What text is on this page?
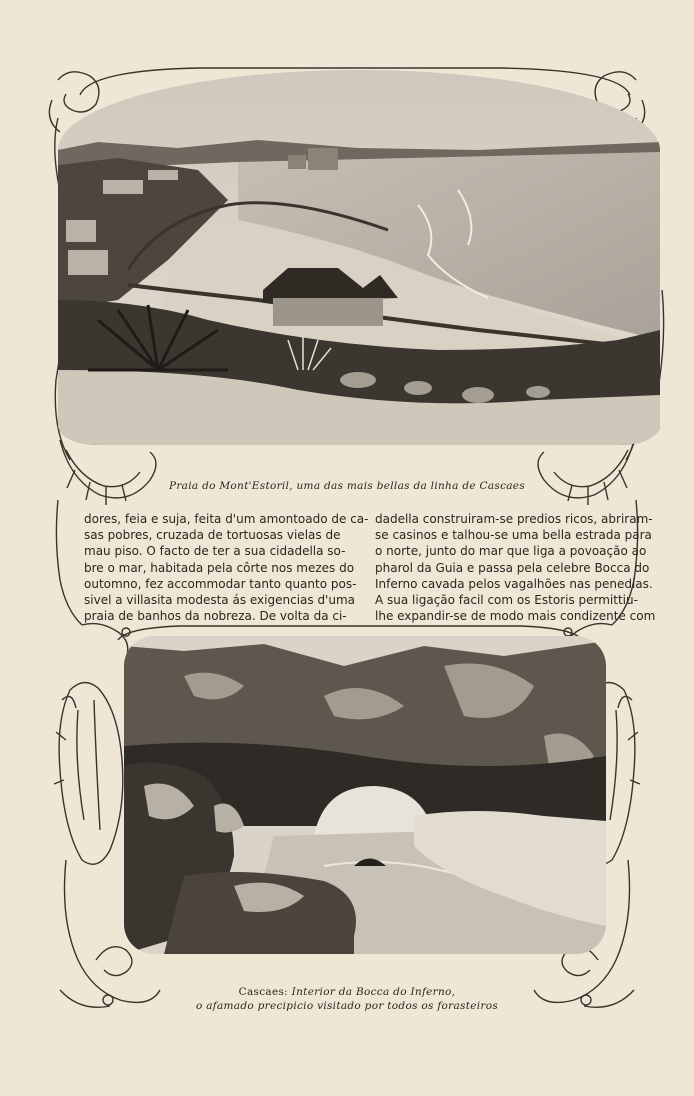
Praia do Mont'Estoril, uma das mais bellas da linha de Cascaes
dores, feia e suja, feita d'um amontoado de ca-
sas pobres, cruzada de tortuosas vielas de
mau piso. O facto de ter a sua cidadella so-
bre o mar, habitada pela côrte nos mezes do
outomno, fez accommodar tanto quanto pos-
sivel a villasita modesta ás exigencias d'uma
praia de banhos da nobreza. De volta da ci-
dadella construiram-se predios ricos, abriram-
se casinos e talhou-se uma bella estrada para
o norte, junto do mar que liga a povoação ao
pharol da Guia e passa pela celebre Bocca do
Inferno cavada pelos vagalhões nas penedias.
A sua ligação facil com os Estoris permittiu-
lhe expandir-se de modo mais condizente com
Cascaes: Interior da Bocca do Inferno,
o afamado precipicio visitado por todos os forasteiros
